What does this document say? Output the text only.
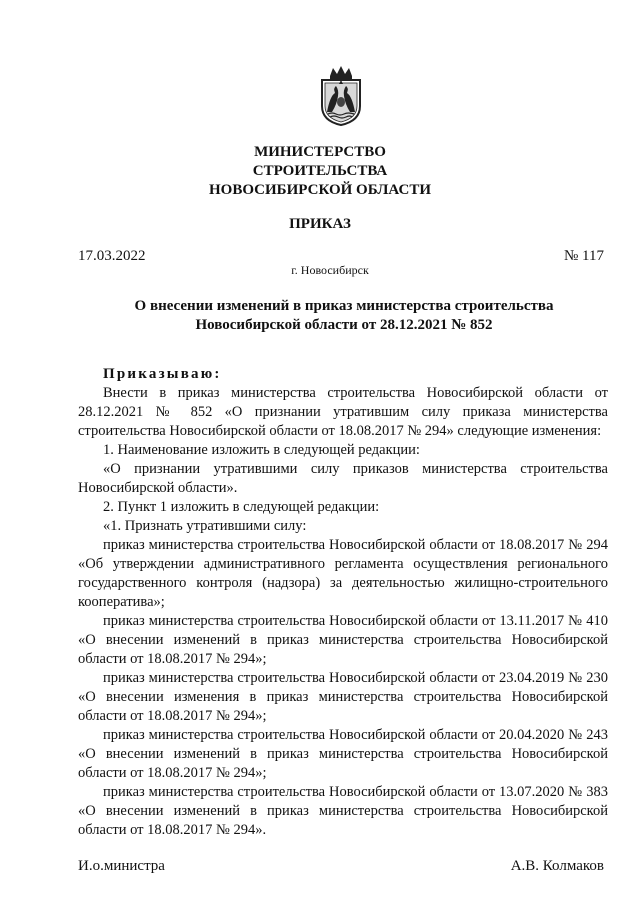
МИНИСТЕРСТВО
СТРОИТЕЛЬСТВА
НОВОСИБИРСКОЙ ОБЛАСТИ
ПРИКАЗ
17.03.2022	№ 117
г. Новосибирск
О внесении изменений в приказ министерства строительства
Новосибирской области от 28.12.2021 № 852
Приказываю:

Внести в приказ министерства строительства Новосибирской области от 28.12.2021 № 852 «О признании утратившим силу приказа министерства строительства Новосибирской области от 18.08.2017 № 294» следующие изменения:

1. Наименование изложить в следующей редакции:

«О признании утратившими силу приказов министерства строительства Новосибирской области».

2. Пункт 1 изложить в следующей редакции:

«1. Признать утратившими силу:

приказ министерства строительства Новосибирской области от 18.08.2017 № 294 «Об утверждении административного регламента осуществления регионального государственного контроля (надзора) за деятельностью жилищно-строительного кооператива»;

приказ министерства строительства Новосибирской области от 13.11.2017 № 410 «О внесении изменений в приказ министерства строительства Новосибирской области от 18.08.2017 № 294»;

приказ министерства строительства Новосибирской области от 23.04.2019 № 230 «О внесении изменения в приказ министерства строительства Новосибирской области от 18.08.2017 № 294»;

приказ министерства строительства Новосибирской области от 20.04.2020 № 243 «О внесении изменений в приказ министерства строительства Новосибирской области от 18.08.2017 № 294»;

приказ министерства строительства Новосибирской области от 13.07.2020 № 383 «О внесении изменений в приказ министерства строительства Новосибирской области от 18.08.2017 № 294».

И.о.министра	А.В. Колмаков
